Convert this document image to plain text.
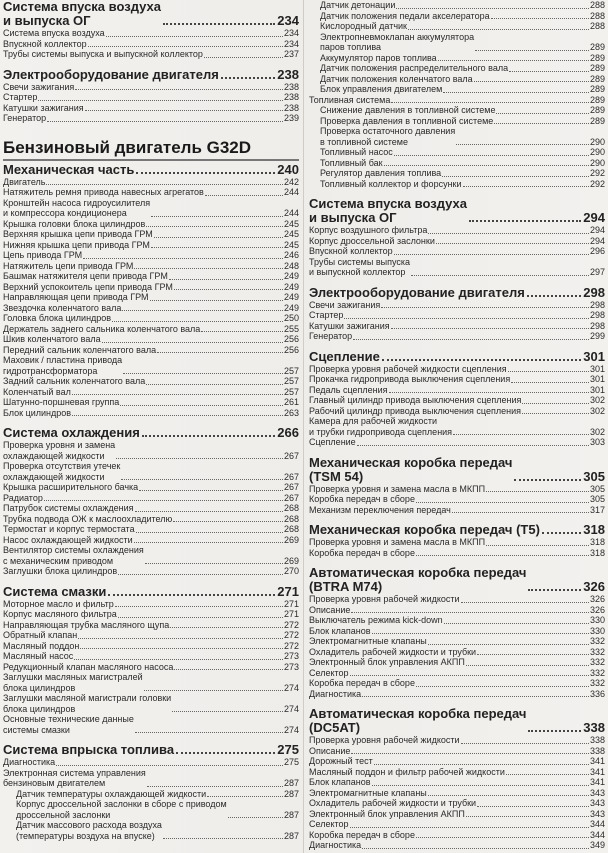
Система впуска воздуха
и выпуска ОГ	234
Система впуска воздуха	234
Впускной коллектор	234
Трубы системы выпуска и выпускной коллектор	237
Электрооборудование двигателя	238
Свечи зажигания	238
Стартер	238
Катушки зажигания	238
Генератор	239
Бензиновый двигатель G32D
Механическая часть	240
Двигатель	242
Натяжитель ремня привода навесных агрегатов	244
Кронштейн насоса гидроусилителя
и компрессора кондиционера	244
Крышка головки блока цилиндров	245
Верхняя крышка цепи привода ГРМ	245
Нижняя крышка цепи привода ГРМ	245
Цепь привода ГРМ	246
Натяжитель цепи привода ГРМ	248
Башмак натяжителя цепи привода ГРМ	249
Верхний успокоитель цепи привода ГРМ	249
Направляющая цепи привода ГРМ	249
Звездочка коленчатого вала	249
Головка блока цилиндров	250
Держатель заднего сальника коленчатого вала	255
Шкив коленчатого вала	256
Передний сальник коленчатого вала	256
Маховик / пластина привода
гидротрансформатора	257
Задний сальник коленчатого вала	257
Коленчатый вал	257
Шатунно-поршневая группа	261
Блок цилиндров	263
Система охлаждения	266
Проверка уровня и замена
охлаждающей жидкости	267
Проверка отсутствия утечек
охлаждающей жидкости	267
Крышка расширительного бачка	267
Радиатор	267
Патрубок системы охлаждения	268
Трубка подвода ОЖ к маслоохладителю	268
Термостат и корпус термостата	268
Насос охлаждающей жидкости	269
Вентилятор системы охлаждения
с механическим приводом	269
Заглушки блока цилиндров	270
Система смазки	271
Моторное масло и фильтр	271
Корпус масляного фильтра	271
Направляющая трубка масляного щупа	272
Обратный клапан	272
Масляный поддон	272
Масляный насос	273
Редукционный клапан масляного насоса	273
Заглушки масляных магистралей
блока цилиндров	274
Заглушки масляной магистрали головки
блока цилиндров	274
Основные технические данные
системы смазки	274
Система впрыска топлива	275
Диагностика	275
Электронная система управления
бензиновым двигателем	287
Датчик температуры охлаждающей жидкости	287
Корпус дроссельной заслонки в сборе с приводом
дроссельной заслонки	287
Датчик массового расхода воздуха
(температуры воздуха на впуске)	287
Датчик детонации	288
Датчик положения педали акселератора	288
Кислородный датчик	288
Электропневмоклапан аккумулятора
паров топлива	289
Аккумулятор паров топлива	289
Датчик положения распределительного вала	289
Датчик положения коленчатого вала	289
Блок управления двигателем	289
Топливная система	289
Снижение давления в топливной системе	289
Проверка давления в топливной системе	289
Проверка остаточного давления
в топливной системе	290
Топливный насос	290
Топливный бак	290
Регулятор давления топлива	292
Топливный коллектор и форсунки	292
Система впуска воздуха
и выпуска ОГ	294
Корпус воздушного фильтра	294
Корпус дроссельной заслонки	294
Впускной коллектор	296
Трубы системы выпуска
и выпускной коллектор	297
Электрооборудование двигателя	298
Свечи зажигания	298
Стартер	298
Катушки зажигания	298
Генератор	299
Сцепление	301
Проверка уровня рабочей жидкости сцепления	301
Прокачка гидропривода выключения сцепления	301
Педаль сцепления	301
Главный цилиндр привода выключения сцепления	302
Рабочий цилиндр привода выключения сцепления	302
Камера для рабочей жидкости
и трубки гидропривода сцепления	302
Сцепление	303
Механическая коробка передач
(TSM 54)	305
Проверка уровня и замена масла в МКПП	305
Коробка передач в сборе	305
Механизм переключения передач	317
Механическая коробка передач (T5)	318
Проверка уровня и замена масла в МКПП	318
Коробка передач в сборе	318
Автоматическая коробка передач
(BTRA M74)	326
Проверка уровня рабочей жидкости	326
Описание	326
Выключатель режима kick-down	330
Блок клапанов	330
Электромагнитные клапаны	332
Охладитель рабочей жидкости и трубки	332
Электронный блок управления АКПП	332
Селектор	332
Коробка передач в сборе	332
Диагностика	336
Автоматическая коробка передач
(DC5AT)	338
Проверка уровня рабочей жидкости	338
Описание	338
Дорожный тест	341
Масляный поддон и фильтр рабочей жидкости	341
Блок клапанов	341
Электромагнитные клапаны	343
Охладитель рабочей жидкости и трубки	343
Электронный блок управления АКПП	343
Селектор	344
Коробка передач в сборе	344
Диагностика	349
